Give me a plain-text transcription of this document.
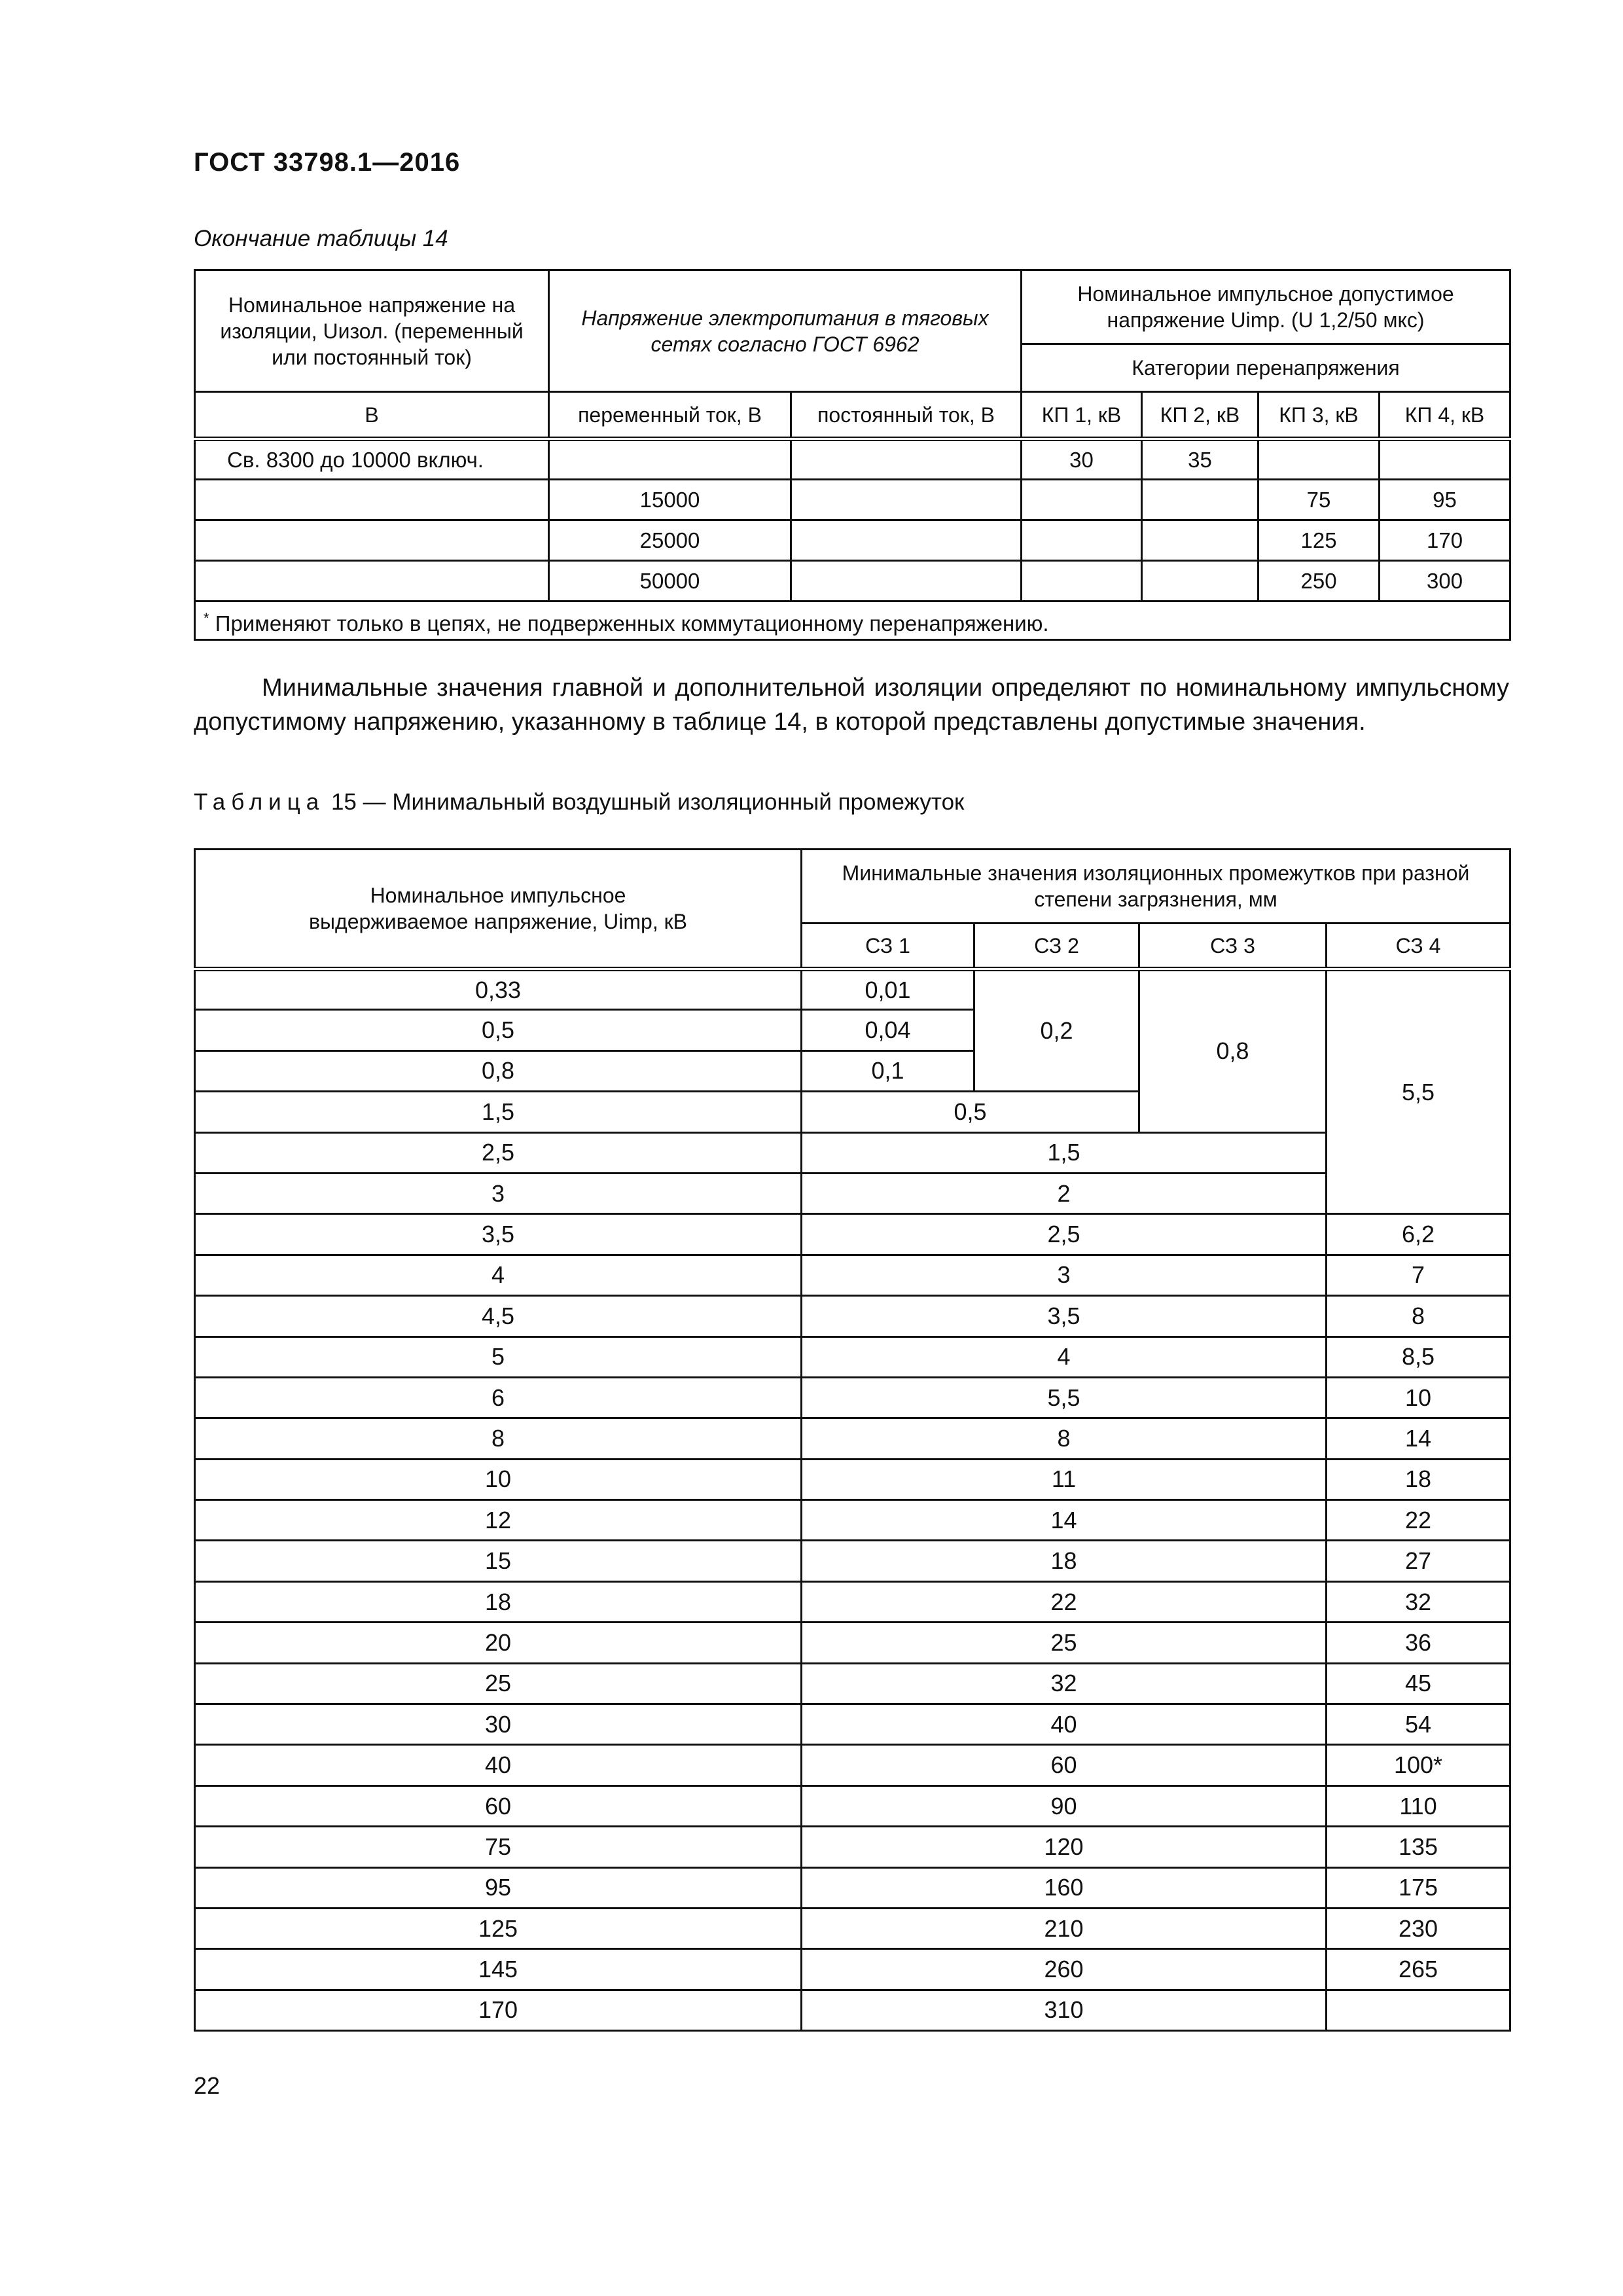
ГОСТ 33798.1—2016
Окончание таблицы 14
Номинальное напряжение на изоляции, Uизол. (переменный или постоянный ток)	Напряжение электропитания в тяговых сетях согласно ГОСТ 6962		Номинальное импульсное допустимое напряжение Uimp. (U 1,2/50 мкс)			
			Категории перенапряжения			
В	переменный ток, В	постоянный ток, В	КП 1, кВ	КП 2, кВ	КП 3, кВ	КП 4, кВ
Св. 8300 до 10000 включ.			30	35		
	15000				75	95
	25000				125	170
	50000				250	300
* Применяют только в цепях, не подверженных коммутационному перенапряжению.						
Минимальные значения главной и дополнительной изоляции определяют по номинальному импульсному допустимому напряжению, указанному в таблице 14, в которой представлены допустимые значения.
Таблица 15 — Минимальный воздушный изоляционный промежуток
Номинальное импульсное выдерживаемое напряжение, Uimp, кВ	Минимальные значения изоляционных промежутков при разной степени загрязнения, мм			
	СЗ 1	СЗ 2	СЗ 3	СЗ 4
0,33	0,01	0,2	0,8	5,5
0,5	0,04			
0,8	0,1			
1,5	0,5			
2,5	1,5			
3	2			
3,5	2,5			6,2
4	3			7
4,5	3,5			8
5	4			8,5
6	5,5			10
8	8			14
10	11			18
12	14			22
15	18			27
18	22			32
20	25			36
25	32			45
30	40			54
40	60			100*
60	90			110
75	120			135
95	160			175
125	210			230
145	260			265
170	310			
22
